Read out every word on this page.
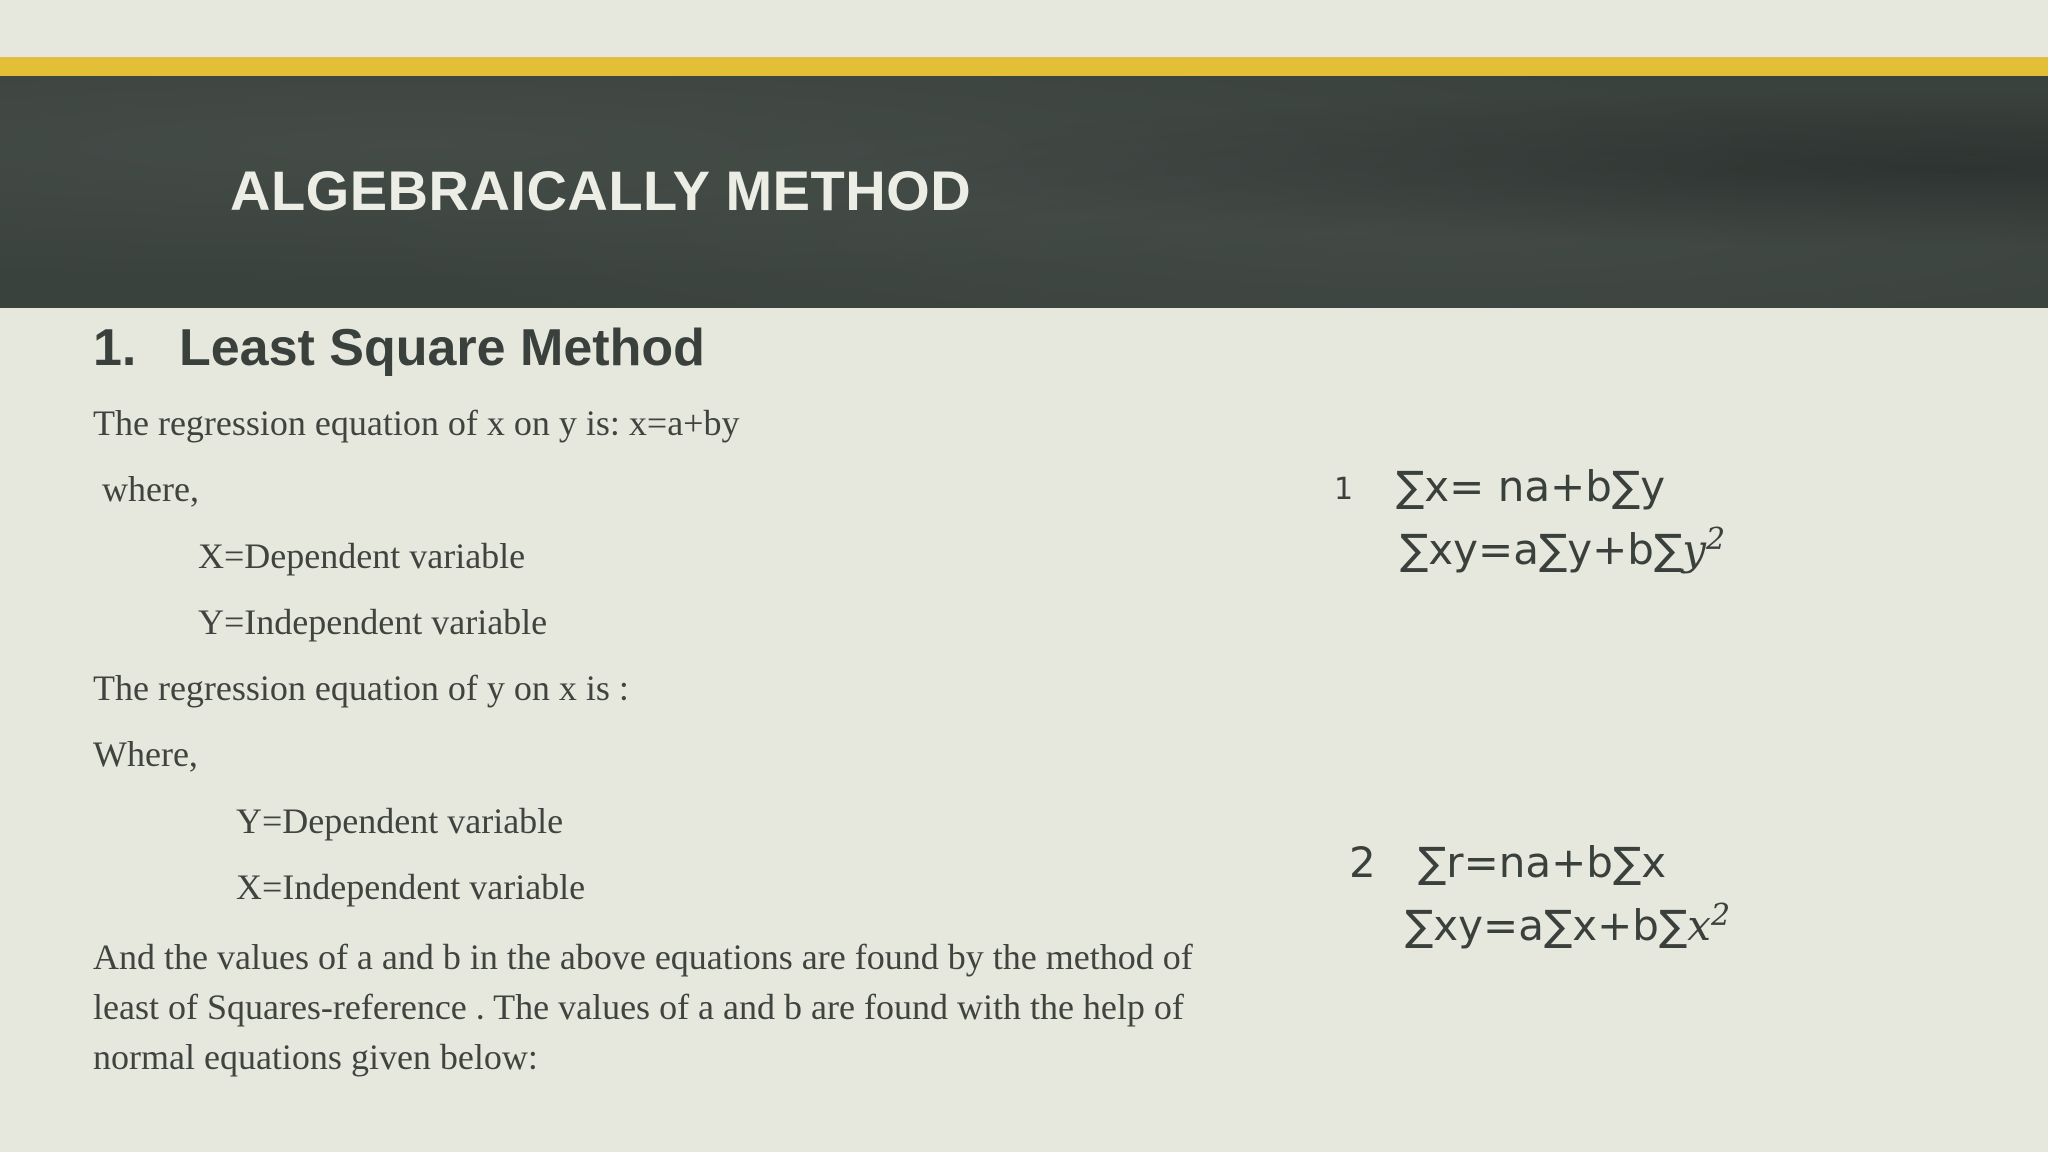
ALGEBRAICALLY METHOD
1. Least Square Method

The regression equation of x on y is: x=a+by

where,

X=Dependent variable

Y=Independent variable

The regression equation of y on x is :

Where,

Y=Dependent variable

X=Independent variable

And the values of a and b in the above equations are found by the method of least of Squares-reference . The values of a and b are found with the help of normal equations given below:

1 ∑x= na+b∑y

$\sum xy=a\sum y+b\sum y^2$

2 ∑r=na+b∑x

$\sum xy=a\sum x+b\sum x^2$
